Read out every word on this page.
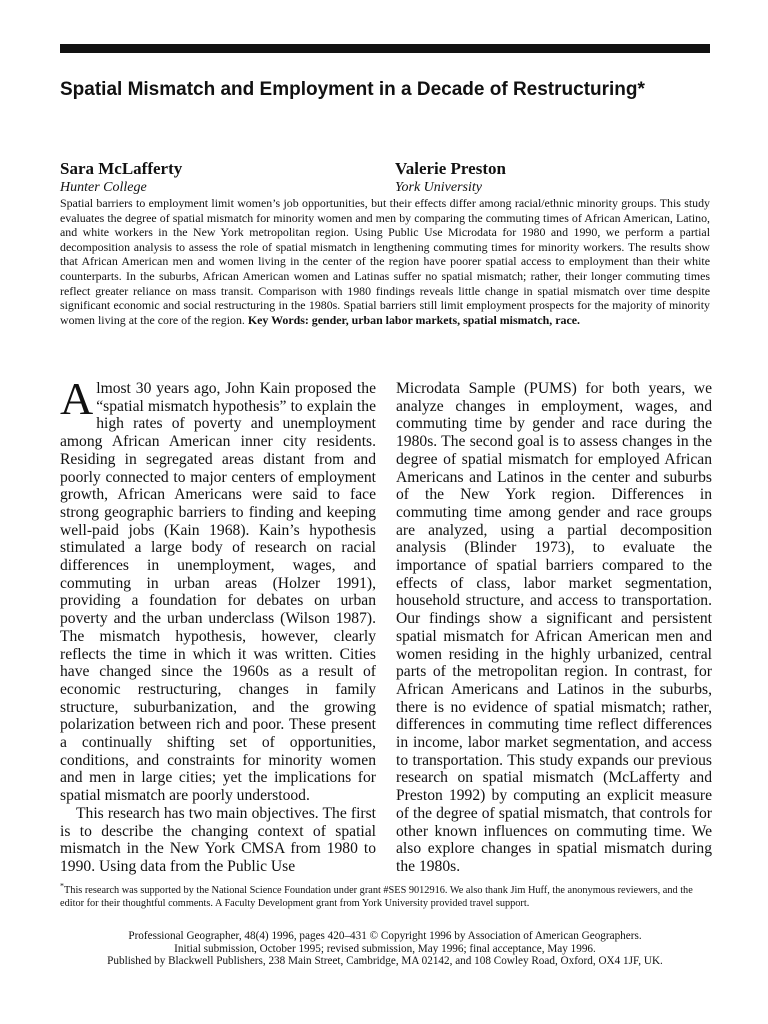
Spatial Mismatch and Employment in a Decade of Restructuring*
Sara McLafferty
Hunter College
Valerie Preston
York University

Spatial barriers to employment limit women’s job opportunities, but their effects differ among racial/ethnic minority groups. This study evaluates the degree of spatial mismatch for minority women and men by comparing the commuting times of African American, Latino, and white workers in the New York metropolitan region. Using Public Use Microdata for 1980 and 1990, we perform a partial decomposition analysis to assess the role of spatial mismatch in lengthening commuting times for minority workers. The results show that African American men and women living in the center of the region have poorer spatial access to employment than their white counterparts. In the suburbs, African American women and Latinas suffer no spatial mismatch; rather, their longer commuting times reflect greater reliance on mass transit. Comparison with 1980 findings reveals little change in spatial mismatch over time despite significant economic and social restructuring in the 1980s. Spatial barriers still limit employment prospects for the majority of minority women living at the core of the region. Key Words: gender, urban labor markets, spatial mismatch, race.

Almost 30 years ago, John Kain proposed the “spatial mismatch hypothesis” to explain the high rates of poverty and unemployment among African American inner city residents. Residing in segregated areas distant from and poorly connected to major centers of employment growth, African Americans were said to face strong geographic barriers to finding and keeping well-paid jobs (Kain 1968). Kain’s hypothesis stimulated a large body of research on racial differences in unemployment, wages, and commuting in urban areas (Holzer 1991), providing a foundation for debates on urban poverty and the urban underclass (Wilson 1987). The mismatch hypothesis, however, clearly reflects the time in which it was written. Cities have changed since the 1960s as a result of economic restructuring, changes in family structure, suburbanization, and the growing polarization between rich and poor. These present a continually shifting set of opportunities, conditions, and constraints for minority women and men in large cities; yet the implications for spatial mismatch are poorly understood.

This research has two main objectives. The first is to describe the changing context of spatial mismatch in the New York CMSA from 1980 to 1990. Using data from the Public Use

Microdata Sample (PUMS) for both years, we analyze changes in employment, wages, and commuting time by gender and race during the 1980s. The second goal is to assess changes in the degree of spatial mismatch for employed African Americans and Latinos in the center and suburbs of the New York region. Differences in commuting time among gender and race groups are analyzed, using a partial decomposition analysis (Blinder 1973), to evaluate the importance of spatial barriers compared to the effects of class, labor market segmentation, household structure, and access to transportation. Our findings show a significant and persistent spatial mismatch for African American men and women residing in the highly urbanized, central parts of the metropolitan region. In contrast, for African Americans and Latinos in the suburbs, there is no evidence of spatial mismatch; rather, differences in commuting time reflect differences in income, labor market segmentation, and access to transportation. This study expands our previous research on spatial mismatch (McLafferty and Preston 1992) by computing an explicit measure of the degree of spatial mismatch, that controls for other known influences on commuting time. We also explore changes in spatial mismatch during the 1980s.

*This research was supported by the National Science Foundation under grant #SES 9012916. We also thank Jim Huff, the anonymous reviewers, and the editor for their thoughtful comments. A Faculty Development grant from York University provided travel support.

Professional Geographer, 48(4) 1996, pages 420–431 © Copyright 1996 by Association of American Geographers.
Initial submission, October 1995; revised submission, May 1996; final acceptance, May 1996.
Published by Blackwell Publishers, 238 Main Street, Cambridge, MA 02142, and 108 Cowley Road, Oxford, OX4 1JF, UK.
